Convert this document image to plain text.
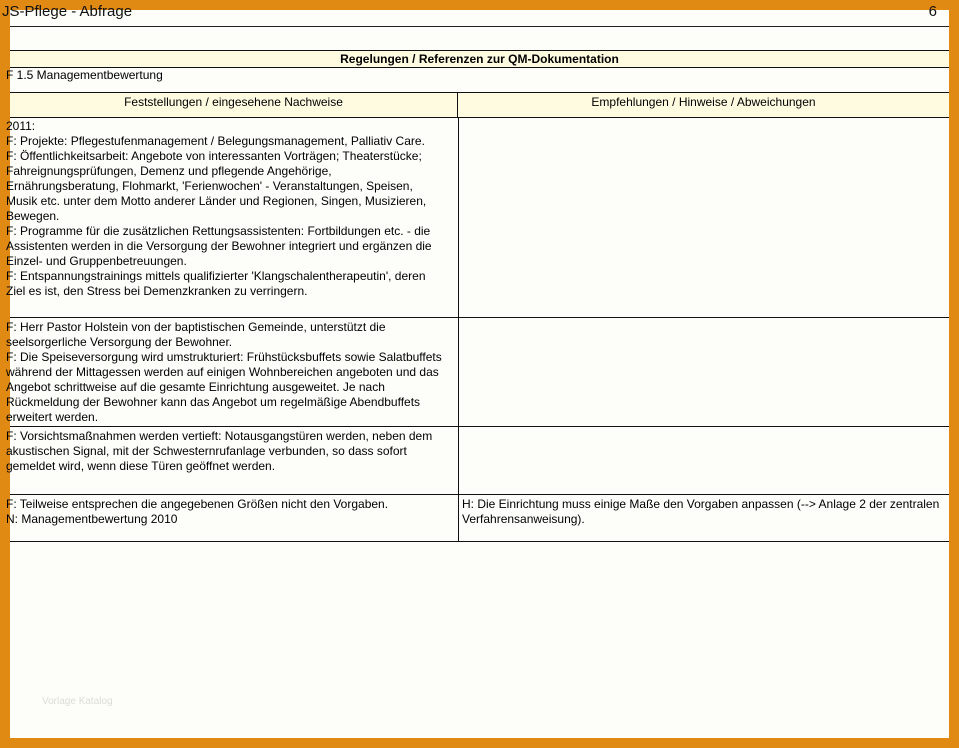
JS-Pflege - Abfrage	6
Regelungen / Referenzen zur QM-Dokumentation
F 1.5 Managementbewertung
Feststellungen / eingesehene Nachweise	Empfehlungen / Hinweise / Abweichungen
2011:
F: Projekte: Pflegestufenmanagement / Belegungsmanagement, Palliativ Care.
F: Öffentlichkeitsarbeit: Angebote von interessanten Vorträgen; Theaterstücke;
Fahreignungsprüfungen, Demenz und pflegende Angehörige,
Ernährungsberatung, Flohmarkt, 'Ferienwochen' - Veranstaltungen, Speisen,
Musik etc. unter dem Motto anderer Länder und Regionen, Singen, Musizieren,
Bewegen.
F: Programme für die zusätzlichen Rettungsassistenten: Fortbildungen etc. - die
Assistenten werden in die Versorgung der Bewohner integriert und ergänzen die
Einzel- und Gruppenbetreuungen.
F: Entspannungstrainings mittels qualifizierter 'Klangschalentherapeutin', deren
Ziel es ist, den Stress bei Demenzkranken zu verringern.
F: Herr Pastor Holstein von der baptistischen Gemeinde, unterstützt die
seelsorgerliche Versorgung der Bewohner.
F: Die Speiseversorgung wird umstrukturiert: Frühstücksbuffets sowie Salatbuffets
während der Mittagessen werden auf einigen Wohnbereichen angeboten und das
Angebot schrittweise auf die gesamte Einrichtung ausgeweitet. Je nach
Rückmeldung der Bewohner kann das Angebot um regelmäßige Abendbuffets
erweitert werden.
F: Vorsichtsmaßnahmen werden vertieft: Notausgangstüren werden, neben dem
akustischen Signal, mit der Schwesternrufanlage verbunden, so dass sofort
gemeldet wird, wenn diese Türen geöffnet werden.
F: Teilweise entsprechen die angegebenen Größen nicht den Vorgaben.
N: Managementbewertung 2010
H: Die Einrichtung muss einige Maße den Vorgaben anpassen (--> Anlage 2 der zentralen
Verfahrensanweisung).
Vorlage Katalog
